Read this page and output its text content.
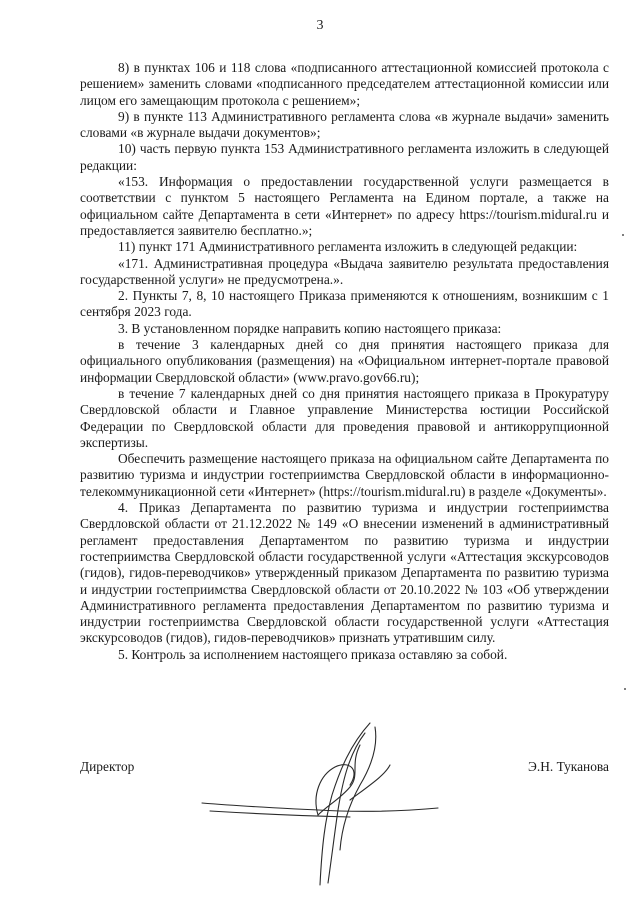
3

8) в пунктах 106 и 118 слова «подписанного аттестационной комиссией протокола с решением» заменить словами «подписанного председателем аттестационной комиссии или лицом его замещающим протокола с решением»;

9) в пункте 113 Административного регламента слова «в журнале выдачи» заменить словами «в журнале выдачи документов»;

10) часть первую пункта 153 Административного регламента изложить в следующей редакции:

«153. Информация о предоставлении государственной услуги размещается в соответствии с пунктом 5 настоящего Регламента на Едином портале, а также на официальном сайте Департамента в сети «Интернет» по адресу https://tourism.midural.ru и предоставляется заявителю бесплатно.»;

11) пункт 171 Административного регламента изложить в следующей редакции:

«171. Административная процедура «Выдача заявителю результата предоставления государственной услуги» не предусмотрена.».

2. Пункты 7, 8, 10 настоящего Приказа применяются к отношениям, возникшим с 1 сентября 2023 года.

3. В установленном порядке направить копию настоящего приказа:

в течение 3 календарных дней со дня принятия настоящего приказа для официального опубликования (размещения) на «Официальном интернет-портале правовой информации Свердловской области» (www.pravo.gov66.ru);

в течение 7 календарных дней со дня принятия настоящего приказа в Прокуратуру Свердловской области и Главное управление Министерства юстиции Российской Федерации по Свердловской области для проведения правовой и антикоррупционной экспертизы.

Обеспечить размещение настоящего приказа на официальном сайте Департамента по развитию туризма и индустрии гостеприимства Свердловской области в информационно-телекоммуникационной сети «Интернет» (https://tourism.midural.ru) в разделе «Документы».

4. Приказ Департамента по развитию туризма и индустрии гостеприимства Свердловской области от 21.12.2022 № 149 «О внесении изменений в административный регламент предоставления Департаментом по развитию туризма и индустрии гостеприимства Свердловской области государственной услуги «Аттестация экскурсоводов (гидов), гидов-переводчиков» утвержденный приказом Департамента по развитию туризма и индустрии гостеприимства Свердловской области от 20.10.2022 № 103 «Об утверждении Административного регламента предоставления Департаментом по развитию туризма и индустрии гостеприимства Свердловской области государственной услуги «Аттестация экскурсоводов (гидов), гидов-переводчиков» признать утратившим силу.

5. Контроль за исполнением настоящего приказа оставляю за собой.

Директор	Э.Н. Туканова
